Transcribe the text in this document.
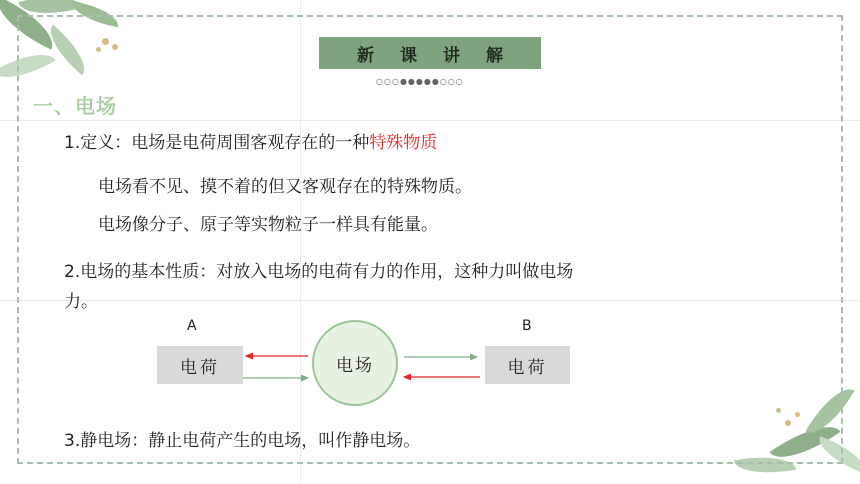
新课讲解
○○○●●●●●○○○
一、电场
1.定义：电场是电荷周围客观存在的一种特殊物质
电场看不见、摸不着的但又客观存在的特殊物质。
电场像分子、原子等实物粒子一样具有能量。
2.电场的基本性质：对放入电场的电荷有力的作用，这种力叫做电场
力。
A	B
电荷	电场	电荷
3.静电场：静止电荷产生的电场，叫作静电场。
